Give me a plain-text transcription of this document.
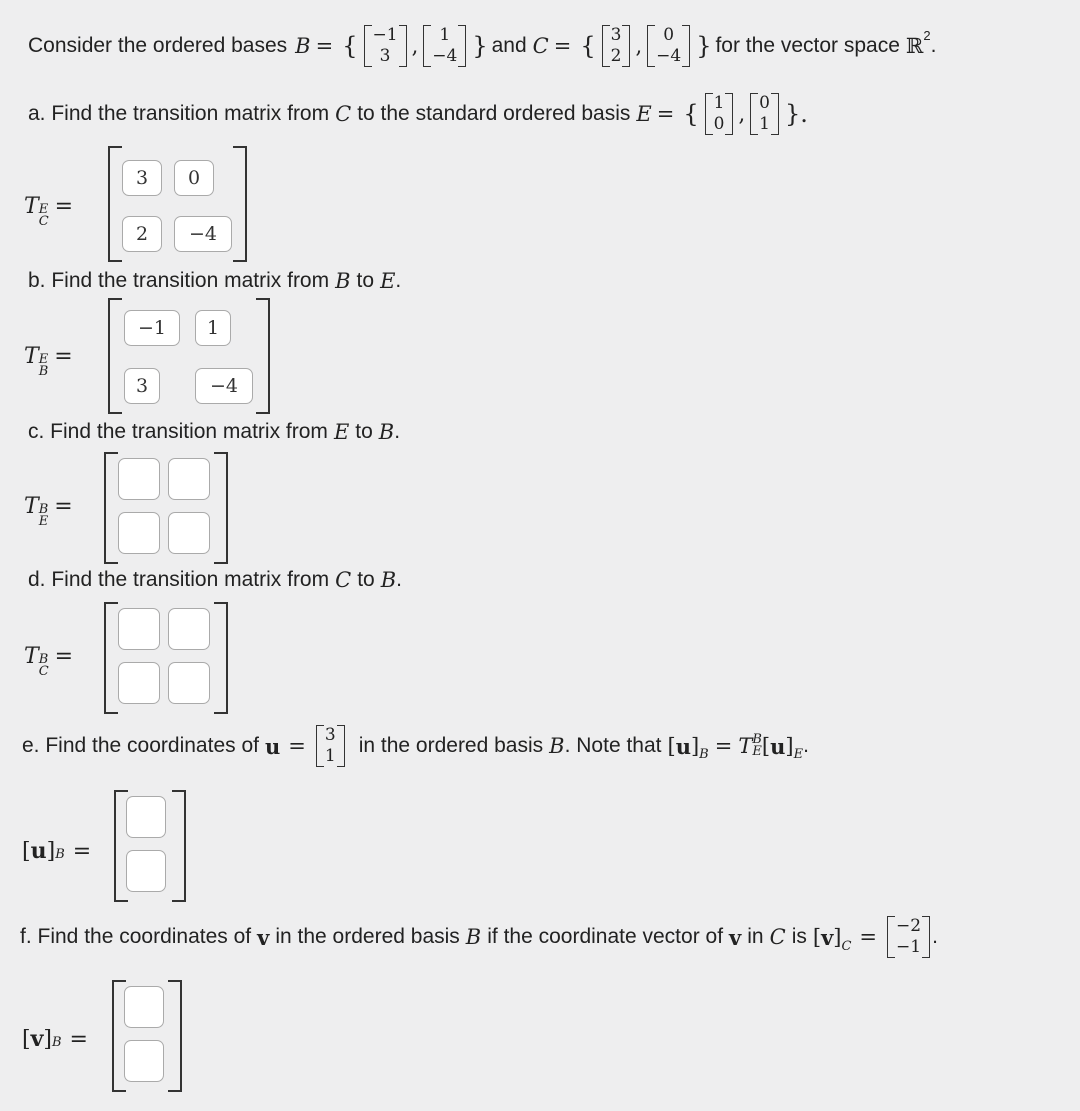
Consider the ordered bases B = { −1
3 , 1
−4 } and C = { 3
2 , 0
−4 } for the vector space ℝ$^2$ .
a. Find the transition matrix from C to the standard ordered basis E = { 1
0 , 0
1 }.
T E
C
=
3
0
2
−4
b. Find the transition matrix from B to E .
T E
B
=
−1
1
3
−4
c. Find the transition matrix from E to B .
T B
E
=
d. Find the transition matrix from C to B .
T B
C
=
e. Find the coordinates of u = 3
1 in the ordered basis B . Note that [ u ]$_B = T$ B
E [ u ]$_E$ .
[ u ] B =
f. Find the coordinates of v in the ordered basis B if the coordinate vector of v in C is [ v ]$_C = -2$
−1 .
[ v ] B =
